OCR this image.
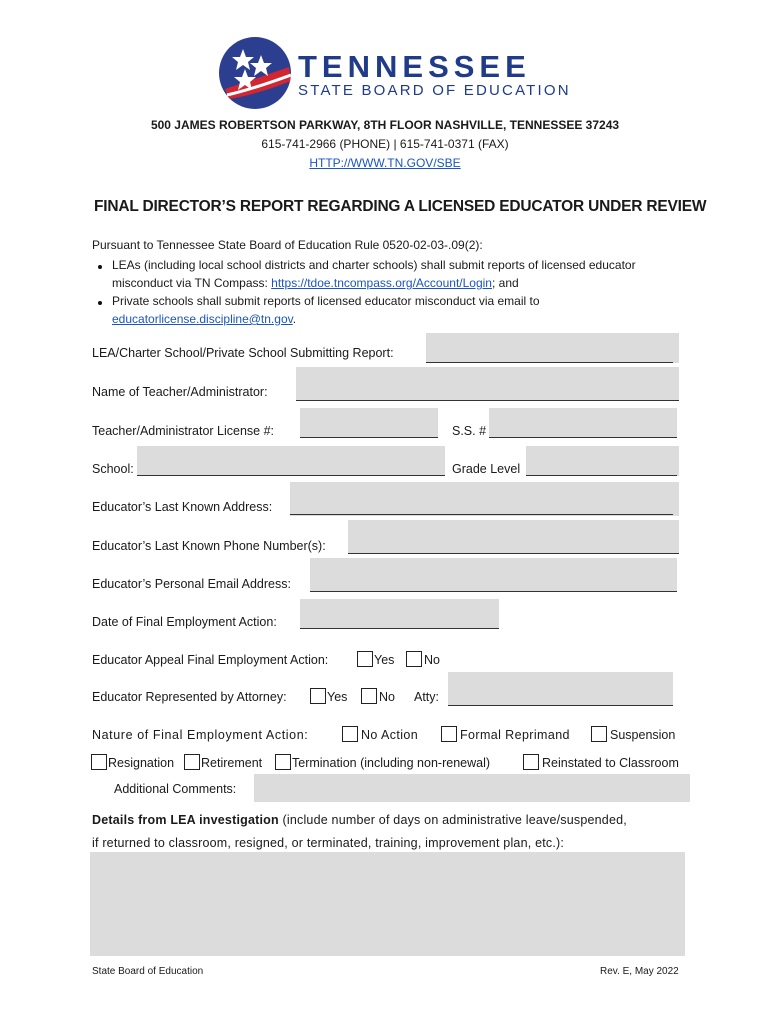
TENNESSEE
STATE BOARD OF EDUCATION
500 JAMES ROBERTSON PARKWAY, 8TH FLOOR NASHVILLE, TENNESSEE 37243
615-741-2966 (PHONE) | 615-741-0371 (FAX)
HTTP://WWW.TN.GOV/SBE
FINAL DIRECTOR’S REPORT REGARDING A LICENSED EDUCATOR UNDER REVIEW
Pursuant to Tennessee State Board of Education Rule 0520-02-03-.09(2):
LEAs (including local school districts and charter schools) shall submit reports of licensed educator
misconduct via TN Compass: https://tdoe.tncompass.org/Account/Login; and
Private schools shall submit reports of licensed educator misconduct via email to
educatorlicense.discipline@tn.gov.
LEA/Charter School/Private School Submitting Report:
Name of Teacher/Administrator:
Teacher/Administrator License #:	S.S. #
School:	Grade Level
Educator’s Last Known Address:
Educator’s Last Known Phone Number(s):
Educator’s Personal Email Address:
Date of Final Employment Action:
Educator Appeal Final Employment Action:	Yes No
Educator Represented by Attorney:	Yes	No Atty:
Nature of Final Employment Action:	No Action	Formal Reprimand	Suspension
Resignation Retirement Termination (including non-renewal)	Reinstated to Classroom
Additional Comments:
Details from LEA investigation (include number of days on administrative leave/suspended,
if returned to classroom, resigned, or terminated, training, improvement plan, etc.):
State Board of Education	Rev. E, May 2022
